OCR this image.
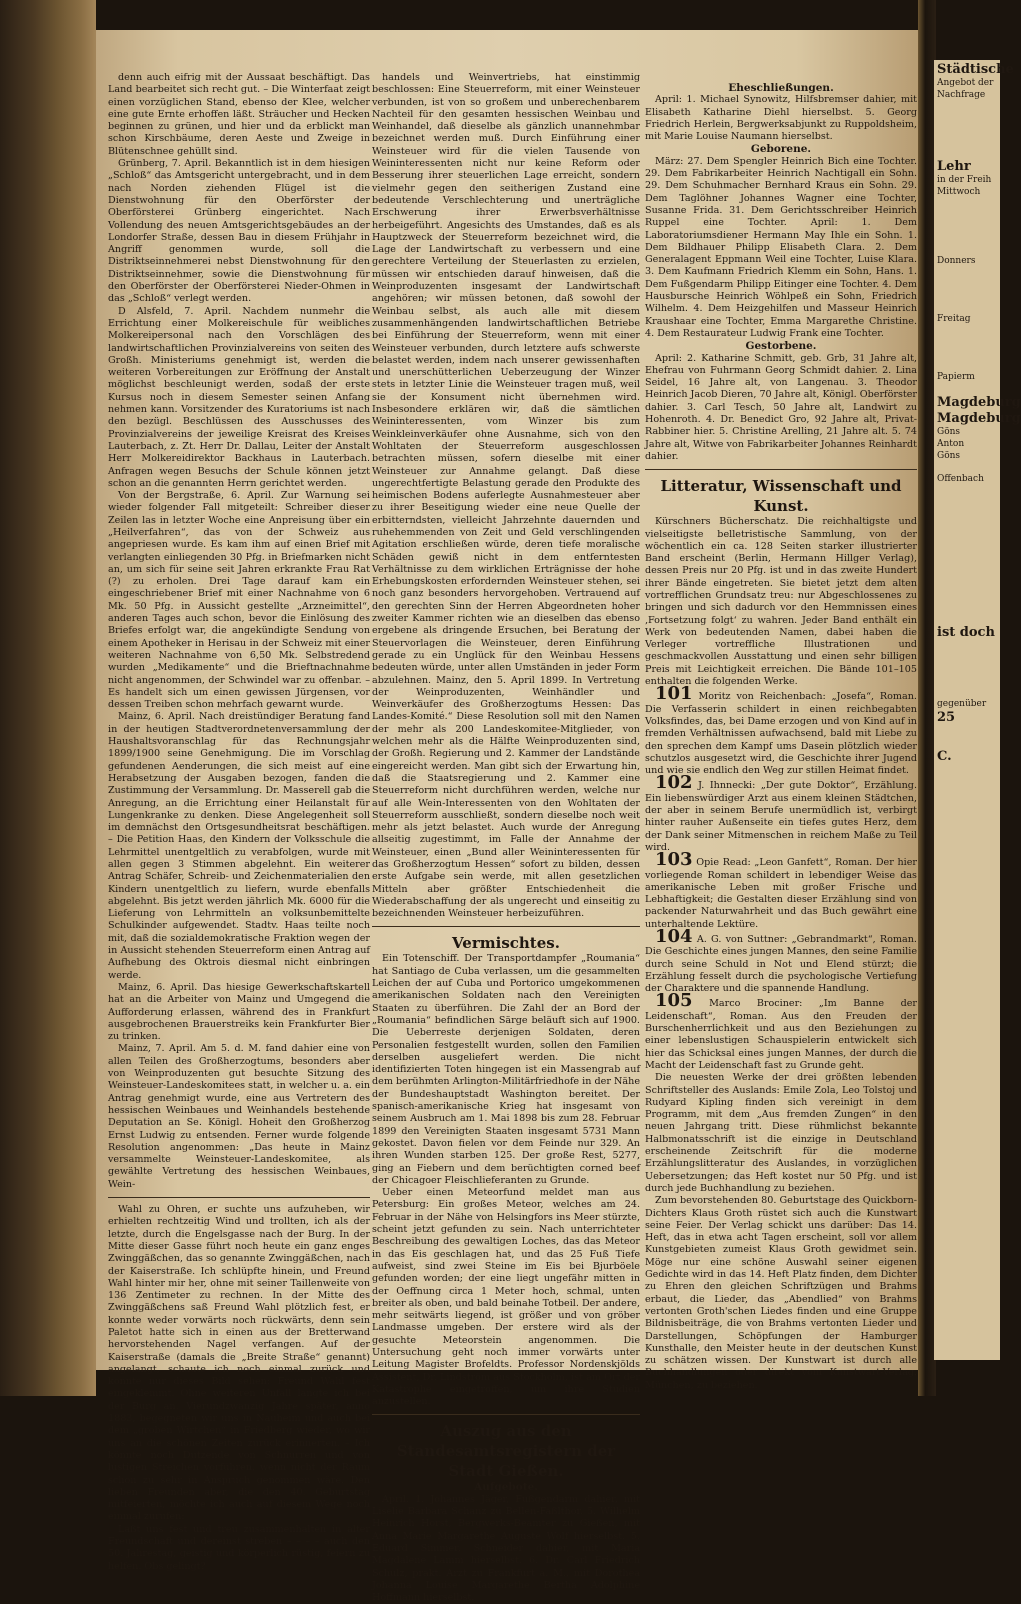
denn auch eifrig mit der Aussaat beschäftigt. Das Land bearbeitet sich recht gut. – Die Winterfaat zeigt einen vorzüglichen Stand, ebenso der Klee, welcher eine gute Ernte erhoffen läßt. Sträucher und Hecken beginnen zu grünen, und hier und da erblickt man schon Kirschbäume, deren Aeste und Zweige in Blütenschnee gehüllt sind.

Grünberg, 7. April. Bekanntlich ist in dem hiesigen „Schloß“ das Amtsgericht untergebracht, und in dem nach Norden ziehenden Flügel ist die Dienstwohnung für den Oberförster der Oberförsterei Grünberg eingerichtet. Nach Vollendung des neuen Amtsgerichtsgebäudes an der Londorfer Straße, dessen Bau in diesem Frühjahr in Angriff genommen wurde, soll die Distriktseinnehmerei nebst Dienstwohnung für den Distriktseinnehmer, sowie die Dienstwohnung für den Oberförster der Oberförsterei Nieder-Ohmen in das „Schloß“ verlegt werden.

D Alsfeld, 7. April. Nachdem nunmehr die Errichtung einer Molkereischule für weibliches Molkereipersonal nach den Vorschlägen des landwirtschaftlichen Provinzialvereins von seiten des Großh. Ministeriums genehmigt ist, werden die weiteren Vorbereitungen zur Eröffnung der Anstalt möglichst beschleunigt werden, sodaß der erste Kursus noch in diesem Semester seinen Anfang nehmen kann. Vorsitzender des Kuratoriums ist nach den bezügl. Beschlüssen des Ausschusses des Provinzialvereins der jeweilige Kreisrat des Kreises Lauterbach, z. Zt. Herr Dr. Dallau, Leiter der Anstalt Herr Molkereidirektor Backhaus in Lauterbach. Anfragen wegen Besuchs der Schule können jetzt schon an die genannten Herrn gerichtet werden.

Von der Bergstraße, 6. April. Zur Warnung sei wieder folgender Fall mitgeteilt: Schreiber dieser Zeilen las in letzter Woche eine Anpreisung über ein „Heilverfahren“, das von der Schweiz aus angepriesen wurde. Es kam ihm auf einen Brief mit verlangten einliegenden 30 Pfg. in Briefmarken nicht an, um sich für seine seit Jahren erkrankte Frau Rat (?) zu erholen. Drei Tage darauf kam ein eingeschriebener Brief mit einer Nachnahme von 6 Mk. 50 Pfg. in Aussicht gestellte „Arzneimittel“, anderen Tages auch schon, bevor die Einlösung des Briefes erfolgt war, die angekündigte Sendung von einem Apotheker in Herisau in der Schweiz mit einer weiteren Nachnahme von 6,50 Mk. Selbstredend wurden „Medikamente“ und die Brieftnachnahme nicht angenommen, der Schwindel war zu offenbar. – Es handelt sich um einen gewissen Jürgensen, vor dessen Treiben schon mehrfach gewarnt wurde.

Mainz, 6. April. Nach dreistündiger Beratung fand in der heutigen Stadtverordnetenversammlung der Haushaltsvoranschlag für das Rechnungsjahr 1899/1900 seine Genehmigung. Die im Vorschlag gefundenen Aenderungen, die sich meist auf eine Herabsetzung der Ausgaben bezogen, fanden die Zustimmung der Versammlung. Dr. Masserell gab die Anregung, an die Errichtung einer Heilanstalt für Lungenkranke zu denken. Diese Angelegenheit soll im demnächst den Ortsgesundheitsrat beschäftigen. – Die Petition Haas, den Kindern der Volksschule die Lehrmittel unentgeltlich zu verabfolgen, wurde mit allen gegen 3 Stimmen abgelehnt. Ein weiterer Antrag Schäfer, Schreib- und Zeichenmaterialien den Kindern unentgeltlich zu liefern, wurde ebenfalls abgelehnt. Bis jetzt werden jährlich Mk. 6000 für die Lieferung von Lehrmitteln an volksunbemittelte Schulkinder aufgewendet. Stadtv. Haas teilte noch mit, daß die sozialdemokratische Fraktion wegen der in Aussicht stehenden Steuerreform einen Antrag auf Aufhebung des Oktrois diesmal nicht einbringen werde.

Mainz, 6. April. Das hiesige Gewerkschaftskartell hat an die Arbeiter von Mainz und Umgegend die Aufforderung erlassen, während des in Frankfurt ausgebrochenen Brauerstreiks kein Frankfurter Bier zu trinken.

Mainz, 7. April. Am 5. d. M. fand dahier eine von allen Teilen des Großherzogtums, besonders aber von Weinproduzenten gut besuchte Sitzung des Weinsteuer-Landeskomitees statt, in welcher u. a. ein Antrag genehmigt wurde, eine aus Vertretern des hessischen Weinbaues und Weinhandels bestehende Deputation an Se. Königl. Hoheit den Großherzog Ernst Ludwig zu entsenden. Ferner wurde folgende Resolution angenommen: „Das heute in Mainz versammelte Weinsteuer-Landeskomitee, als gewählte Vertretung des hessischen Weinbaues, Wein-

Wahl zu Ohren, er suchte uns aufzuheben, wir erhielten rechtzeitig Wind und trollten, ich als der letzte, durch die Engelsgasse nach der Burg. In der Mitte dieser Gasse führt noch heute ein ganz enges Zwinggäßchen, das so genannte Zwinggäßchen, nach der Kaiserstraße. Ich schlüpfte hinein, und Freund Wahl hinter mir her, ohne mit seiner Taillenweite von 136 Zentimeter zu rechnen. In der Mitte des Zwinggäßchens saß Freund Wahl plötzlich fest, er konnte weder vorwärts noch rückwärts, denn sein Paletot hatte sich in einen aus der Bretterwand hervorstehenden Nagel verfangen. Auf der Kaiserstraße (damals die „Breite Straße“ genannt) angelangt, schaute ich noch einmal zurück und konnte nur dieses Bild sehen: Freund Wahl fest eingeklemmt. Ohne weiteren Unfall langte ich bei der Burg an. Vierundzwanzig Jahre später, anno 1883, begegneten wir uns in Nauheim und auch bei dem „groben Wirtchen“ in Friedberg wieder, wo wir uns an die schönen Zeiten zurück erinnerten. – Ich könnte noch Dutzende von Schnurren und von lustigen Streichen vorführen, wenn nicht der Raum schon zu sehr in Anspruch genommen wäre. Den lieben Freunden aber, die den 40. Geburtstag mitfeierten, möchte ich auch auf diesem Wege noch einmal zurufen:

Laßt uns fest und treu zusammenhalten in alter Freundschaft und dereinst streben – – – – auch den 50. Jahrestag, geistig und körperlich rüstig, feiern zu helfen. Obs gelingt?

handels und Weinvertriebs, hat einstimmig beschlossen: Eine Steuerreform, mit einer Weinsteuer verbunden, ist von so großem und unberechenbarem Nachteil für den gesamten hessischen Weinbau und Weinhandel, daß dieselbe als gänzlich unannehmbar bezeichnet werden muß. Durch Einführung einer Weinsteuer wird für die vielen Tausende von Weininteressenten nicht nur keine Reform oder Besserung ihrer steuerlichen Lage erreicht, sondern vielmehr gegen den seitherigen Zustand eine bedeutende Verschlechterung und unerträgliche Erschwerung ihrer Erwerbsverhältnisse herbeigeführt. Angesichts des Umstandes, daß es als Hauptzweck der Steuerreform bezeichnet wird, die Lage der Landwirtschaft zu verbessern und eine gerechtere Verteilung der Steuerlasten zu erzielen, müssen wir entschieden darauf hinweisen, daß die Weinproduzenten insgesamt der Landwirtschaft angehören; wir müssen betonen, daß sowohl der Weinbau selbst, als auch alle mit diesem zusammenhängenden landwirtschaftlichen Betriebe bei Einführung der Steuerreform, wenn mit einer Weinsteuer verbunden, durch letztere aufs schwerste belastet werden, indem nach unserer gewissenhaften und unerschütterlichen Ueberzeugung der Winzer stets in letzter Linie die Weinsteuer tragen muß, weil sie der Konsument nicht übernehmen wird. Insbesondere erklären wir, daß die sämtlichen Weininteressenten, vom Winzer bis zum Weinkleinverkäufer ohne Ausnahme, sich von den Wohltaten der Steuerreform ausgeschlossen betrachten müssen, sofern dieselbe mit einer Weinsteuer zur Annahme gelangt. Daß diese ungerechtfertigte Belastung gerade den Produkte des heimischen Bodens auferlegte Ausnahmesteuer aber zu ihrer Beseitigung wieder eine neue Quelle der erbitterndsten, vielleicht Jahrzehnte dauernden und ruhehemmenden von Zeit und Geld verschlingenden Agitation erschließen würde, deren tiefe moralische Schäden gewiß nicht in dem entferntesten Verhältnisse zu dem wirklichen Erträgnisse der hohe Erhebungskosten erfordernden Weinsteuer stehen, sei noch ganz besonders hervorgehoben. Vertrauend auf den gerechten Sinn der Herren Abgeordneten hoher zweiter Kammer richten wie an dieselben das ebenso ergebene als dringende Ersuchen, bei Beratung der Steuervorlagen die Weinsteuer, deren Einführung gerade zu ein Unglück für den Weinbau Hessens bedeuten würde, unter allen Umständen in jeder Form abzulehnen. Mainz, den 5. April 1899. In Vertretung der Weinproduzenten, Weinhändler und Weinverkäufer des Großherzogtums Hessen: Das Landes-Komité.“ Diese Resolution soll mit den Namen der mehr als 200 Landeskomitee-Mitglieder, von welchen mehr als die Hälfte Weinproduzenten sind, der Großh. Regierung und 2. Kammer der Landstände eingereicht werden. Man gibt sich der Erwartung hin, daß die Staatsregierung und 2. Kammer eine Steuerreform nicht durchführen werden, welche nur auf alle Wein-Interessenten von den Wohltaten der Steuerreform ausschließt, sondern dieselbe noch weit mehr als jetzt belastet. Auch wurde der Anregung allseitig zugestimmt, im Falle der Annahme der Weinsteuer, einen „Bund aller Weininteressenten für das Großherzogtum Hessen“ sofort zu bilden, dessen erste Aufgabe sein werde, mit allen gesetzlichen Mitteln aber größter Entschiedenheit die Wiederabschaffung der als ungerecht und einseitig zu bezeichnenden Weinsteuer herbeizuführen.

Vermischtes.

Ein Totenschiff. Der Transportdampfer „Roumania“ hat Santiago de Cuba verlassen, um die gesammelten Leichen der auf Cuba und Portorico umgekommenen amerikanischen Soldaten nach den Vereinigten Staaten zu überführen. Die Zahl der an Bord der „Roumania“ befindlichen Särge beläuft sich auf 1900. Die Ueberreste derjenigen Soldaten, deren Personalien festgestellt wurden, sollen den Familien derselben ausgeliefert werden. Die nicht identifizierten Toten hingegen ist ein Massengrab auf dem berühmten Arlington-Militärfriedhofe in der Nähe der Bundeshauptstadt Washington bereitet. Der spanisch-amerikanische Krieg hat insgesamt von seinem Ausbruch am 1. Mai 1898 bis zum 28. Februar 1899 den Vereinigten Staaten insgesamt 5731 Mann gekostet. Davon fielen vor dem Feinde nur 329. An ihren Wunden starben 125. Der große Rest, 5277, ging an Fiebern und dem berüchtigten corned beef der Chicagoer Fleischlieferanten zu Grunde.

Ueber einen Meteorfund meldet man aus Petersburg: Ein großes Meteor, welches am 24. Februar in der Nähe von Helsingfors ins Meer stürzte, scheint jetzt gefunden zu sein. Nach unterrichteter Beschreibung des gewaltigen Loches, das das Meteor in das Eis geschlagen hat, und das 25 Fuß Tiefe aufweist, sind zwei Steine im Eis bei Bjurböele gefunden worden; der eine liegt ungefähr mitten in der Oeffnung circa 1 Meter hoch, schmal, unten breiter als oben, und bald beinahe Totbeil. Der andere, mehr seitwärts liegend, ist größer und von gröber Landmasse umgeben. Der erstere wird als der gesuchte Meteorstein angenommen. Die Untersuchung geht noch immer vorwärts unter Leitung Magister Brofeldts. Professor Nordenskjölds Assistent, Dr. Lindström aus Stockholm, ist am Ort der Katastrophe eingetroffen, um ihre Studien anzustellen.

Auszug aus den Standesamtsregistern der Stadt Gießen.

Aufgebote.

April. 1. Johannes Jäger, Fußgendarm dahier, mit Liselie Barbara Schanz zu Bellen-Faßlthor. 5. Wilhelm Heinrich Horst, Bergwerks-Beamter zu Gießen, mit Anna Marie Margarethe Auguste Wolf hierselbst. 5. Eduard Simmer, Schneider dahier, mit Maria Magdalene Lamm hierselbst. 6. Dr. Carl Friedrich Schulz, prakt. Arzt zu Frankfurt a. M., mit Dorothea Johanna Louise Margarethe Bertha Adolphine Hoffmann hierselbst.

Eheschließungen.

April: 1. Michael Synowitz, Hilfsbremser dahier, mit Elisabeth Katharine Diehl hierselbst. 5. Georg Friedrich Herlein, Bergwerksabjunkt zu Ruppoldsheim, mit Marie Louise Naumann hierselbst.

Geborene.

März: 27. Dem Spengler Heinrich Bich eine Tochter. 29. Dem Fabrikarbeiter Heinrich Nachtigall ein Sohn. 29. Dem Schuhmacher Bernhard Kraus ein Sohn. 29. Dem Taglöhner Johannes Wagner eine Tochter, Susanne Frida. 31. Dem Gerichtsschreiber Heinrich Ruppel eine Tochter. April: 1. Dem Laboratoriumsdiener Hermann May Ihle ein Sohn. 1. Dem Bildhauer Philipp Elisabeth Clara. 2. Dem Generalagent Eppmann Weil eine Tochter, Luise Klara. 3. Dem Kaufmann Friedrich Klemm ein Sohn, Hans. 1. Dem Fußgendarm Philipp Eitinger eine Tochter. 4. Dem Hausbursche Heinrich Wöhlpeß ein Sohn, Friedrich Wilhelm. 4. Dem Heizgehilfen und Masseur Heinrich Kraushaar eine Tochter, Emma Margarethe Christine. 4. Dem Restaurateur Ludwig Frank eine Tochter.

Gestorbene.

April: 2. Katharine Schmitt, geb. Grb, 31 Jahre alt, Ehefrau von Fuhrmann Georg Schmidt dahier. 2. Lina Seidel, 16 Jahre alt, von Langenau. 3. Theodor Heinrich Jacob Dieren, 70 Jahre alt, Königl. Oberförster dahier. 3. Carl Tesch, 50 Jahre alt, Landwirt zu Hohenroth. 4. Dr. Benedict Gro, 92 Jahre alt, Privat-Rabbiner hier. 5. Christine Arelling, 21 Jahre alt. 5. 74 Jahre alt, Witwe von Fabrikarbeiter Johannes Reinhardt dahier.

Litteratur, Wissenschaft und Kunst.

Kürschners Bücherschatz. Die reichhaltigste und vielseitigste belletristische Sammlung, von der wöchentlich ein ca. 128 Seiten starker illustrierter Band erscheint (Berlin, Hermann Hillger Verlag), dessen Preis nur 20 Pfg. ist und in das zweite Hundert ihrer Bände eingetreten. Sie bietet jetzt dem alten vortrefflichen Grundsatz treu: nur Abgeschlossenes zu bringen und sich dadurch vor den Hemmnissen eines ‚Fortsetzung folgt‘ zu wahren. Jeder Band enthält ein Werk von bedeutenden Namen, dabei haben die Verleger vortreffliche Illustrationen und geschmackvollen Ausstattung und einen sehr billigen Preis mit Leichtigkeit erreichen. Die Bände 101–105 enthalten die folgenden Werke.

101 Moritz von Reichenbach: „Josefa“, Roman. Die Verfasserin schildert in einen reichbegabten Volksfindes, das, bei Dame erzogen und von Kind auf in fremden Verhältnissen aufwachsend, bald mit Liebe zu den sprechen dem Kampf ums Dasein plötzlich wieder schutzlos ausgesetzt wird, die Geschichte ihrer Jugend und wie sie endlich den Weg zur stillen Heimat findet.

102 J. Ihnnecki: „Der gute Doktor“, Erzählung. Ein liebenswürdiger Arzt aus einem kleinen Städtchen, der aber in seinem Berufe unermüdlich ist, verbirgt hinter rauher Außenseite ein tiefes gutes Herz, dem der Dank seiner Mitmenschen in reichem Maße zu Teil wird.

103 Opie Read: „Leon Ganfett“, Roman. Der hier vorliegende Roman schildert in lebendiger Weise das amerikanische Leben mit großer Frische und Lebhaftigkeit; die Gestalten dieser Erzählung sind von packender Naturwahrheit und das Buch gewährt eine unterhaltende Lektüre.

104 A. G. von Suttner: „Gebrandmarkt“, Roman. Die Geschichte eines jungen Mannes, den seine Familie durch seine Schuld in Not und Elend stürzt; die Erzählung fesselt durch die psychologische Vertiefung der Charaktere und die spannende Handlung.

105 Marco Brociner: „Im Banne der Leidenschaft“, Roman. Aus den Freuden der Burschenherrlichkeit und aus den Beziehungen zu einer lebenslustigen Schauspielerin entwickelt sich hier das Schicksal eines jungen Mannes, der durch die Macht der Leidenschaft fast zu Grunde geht.

Die neuesten Werke der drei größten lebenden Schriftsteller des Auslands: Emile Zola, Leo Tolstoj und Rudyard Kipling finden sich vereinigt in dem Programm, mit dem „Aus fremden Zungen“ in den neuen Jahrgang tritt. Diese rühmlichst bekannte Halbmonatsschrift ist die einzige in Deutschland erscheinende Zeitschrift für die moderne Erzählungslitteratur des Auslandes, in vorzüglichen Uebersetzungen; das Heft kostet nur 50 Pfg. und ist durch jede Buchhandlung zu beziehen.

Zum bevorstehenden 80. Geburtstage des Quickborn-Dichters Klaus Groth rüstet sich auch die Kunstwart seine Feier. Der Verlag schickt uns darüber: Das 14. Heft, das in etwa acht Tagen erscheint, soll vor allem Kunstgebieten zumeist Klaus Groth gewidmet sein. Möge nur eine schöne Auswahl seiner eigenen Gedichte wird in das 14. Heft Platz finden, dem Dichter zu Ehren den gleichen Schriftzügen und Brahms erbaut, die Lieder, das „Abendlied“ von Brahms vertonten Groth'schen Liedes finden und eine Gruppe Bildnisbeiträge, die von Brahms vertonten Lieder und Darstellungen, Schöpfungen der Hamburger Kunsthalle, den Meister heute in der deutschen Kunst zu schätzen wissen. Der Kunstwart ist durch alle Buchhandlungen oder direkt vom Kunstwart-Verlag, München, zu beziehen.

Städtische
Angebot der
Nachfrage

Lehr
in der Freih
Mittwoch

Donners

Freitag

Papierm

Magdeburg
Magdeburg
Göns
Anton
Göns

Offenbach

ist doch

gegenüber

25

C.
